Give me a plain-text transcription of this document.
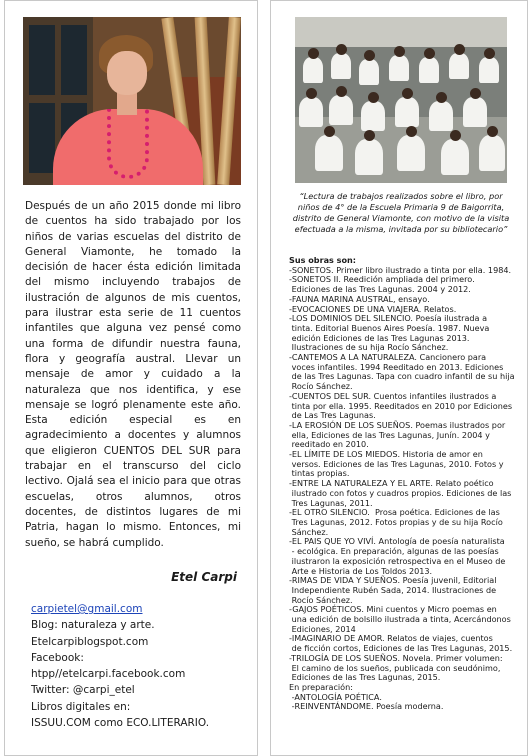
Después de un año 2015 donde mi libro
de cuentos ha sido trabajado por los
niños de varias escuelas del distrito de
General Viamonte, he tomado la
decisión de hacer ésta edición limitada
del mismo incluyendo trabajos de
ilustración de algunos de mis cuentos,
para ilustrar esta serie de 11 cuentos
infantiles que alguna vez pensé como
una forma de difundir nuestra fauna,
flora y geografía austral. Llevar un
mensaje de amor y cuidado a la
naturaleza que nos identifica, y ese
mensaje se logró plenamente este año.
Esta edición especial es en
agradecimiento a docentes y alumnos
que eligieron CUENTOS DEL SUR para
trabajar en el transcurso del ciclo
lectivo. Ojalá sea el inicio para que otras
escuelas, otros alumnos, otros
docentes, de distintos lugares de mi
Patria, hagan lo mismo. Entonces, mi
sueño, se habrá cumplido.
Etel Carpi
carpietel@gmail.com
Blog: naturaleza y arte.
Etelcarpiblogspot.com
Facebook:
htpp//etelcarpi.facebook.com
Twitter: @carpi_etel
Libros digitales en:
ISSUU.COM como ECO.LITERARIO.
“Lectura de trabajos realizados sobre el libro, por
niños de 4° de la Escuela Primaria 9 de Baigorrita,
distrito de General Viamonte, con motivo de la visita
efectuada a la misma, invitada por su bibliotecario”
Sus obras son:
-SONETOS. Primer libro ilustrado a tinta por ella. 1984.
-SONETOS II. Reedición ampliada del primero.
Ediciones de las Tres Lagunas. 2004 y 2012.
-FAUNA MARINA AUSTRAL, ensayo.
-EVOCACIONES DE UNA VIAJERA. Relatos.
-LOS DOMINIOS DEL SILENCIO. Poesía ilustrada a
tinta. Editorial Buenos Aires Poesía. 1987. Nueva
edición Ediciones de las Tres Lagunas 2013.
Ilustraciones de su hija Rocío Sánchez.
-CANTEMOS A LA NATURALEZA. Cancionero para
voces infantiles. 1994 Reeditado en 2013. Ediciones
de las Tres Lagunas. Tapa con cuadro infantil de su hija
Rocío Sánchez.
-CUENTOS DEL SUR. Cuentos infantiles ilustrados a
tinta por ella. 1995. Reeditados en 2010 por Ediciones
de Las Tres Lagunas.
-LA EROSIÓN DE LOS SUEÑOS. Poemas ilustrados por
ella, Ediciones de las Tres Lagunas, Junín. 2004 y
reeditado en 2010.
-EL LÍMITE DE LOS MIEDOS. Historia de amor en
versos. Ediciones de las Tres Lagunas, 2010. Fotos y
tintas propias.
-ENTRE LA NATURALEZA Y EL ARTE. Relato poético
ilustrado con fotos y cuadros propios. Ediciones de las
Tres Lagunas, 2011.
-EL OTRO SILENCIO.  Prosa poética. Ediciones de las
Tres Lagunas, 2012. Fotos propias y de su hija Rocío
Sánchez.
-EL PAIS QUE YO VIVÍ. Antología de poesía naturalista
- ecológica. En preparación, algunas de las poesías
ilustraron la exposición retrospectiva en el Museo de
Arte e Historia de Los Toldos 2013.
-RIMAS DE VIDA Y SUEÑOS. Poesía juvenil, Editorial
Independiente Rubén Sada, 2014. Ilustraciones de
Rocío Sánchez.
-GAJOS POÉTICOS. Mini cuentos y Micro poemas en
una edición de bolsillo ilustrada a tinta, Acercándonos
Ediciones, 2014
-IMAGINARIO DE AMOR. Relatos de viajes, cuentos
de ficción cortos, Ediciones de las Tres Lagunas, 2015.
-TRILOGÍA DE LOS SUEÑOS. Novela. Primer volumen:
El camino de los sueños, publicada con seudónimo,
Ediciones de las Tres Lagunas, 2015.
En preparación:
-ANTOLOGÍA POÉTICA.
-REINVENTÁNDOME. Poesía moderna.
